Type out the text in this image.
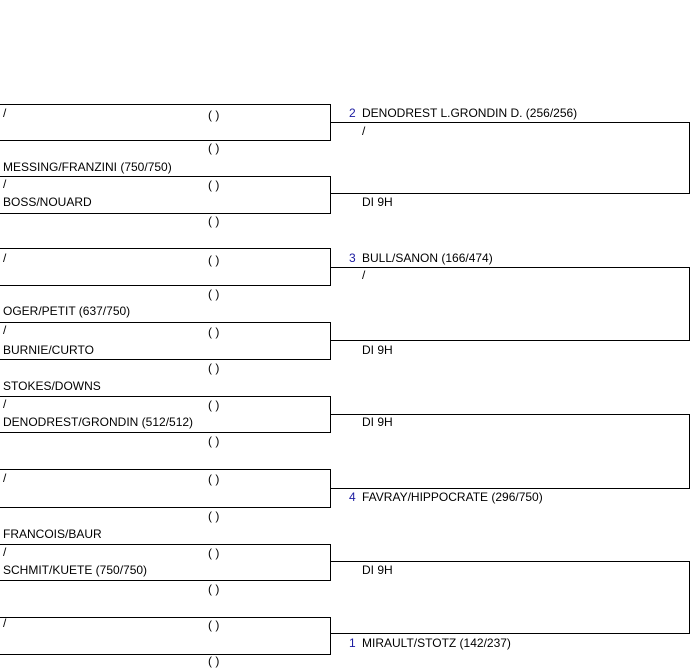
/	( )
( )
MESSING/FRANZINI (750/750)
/	( )
BOSS/NOUARD
( )
/	( )
( )
OGER/PETIT (637/750)
/	( )
BURNIE/CURTO
( )
STOKES/DOWNS
/	( )
DENODREST/GRONDIN (512/512)
( )
/	( )
( )
FRANCOIS/BAUR
/	( )
SCHMIT/KUETE (750/750)
( )
/	( )
( )
2 DENODREST L.GRONDIN D. (256/256)
/
DI 9H
3 BULL/SANON (166/474)
/
DI 9H
DI 9H
4 FAVRAY/HIPPOCRATE (296/750)
DI 9H
1 MIRAULT/STOTZ (142/237)
